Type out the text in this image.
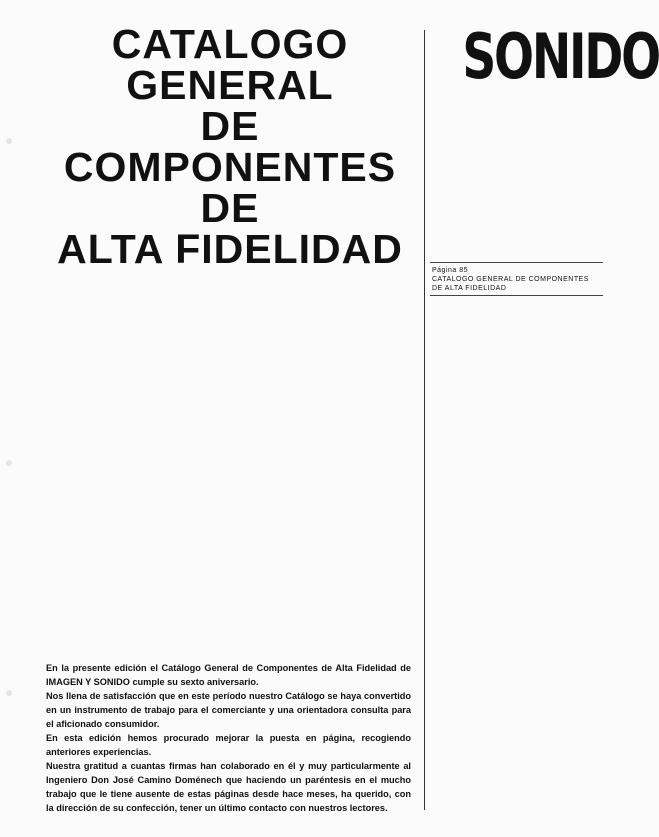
CATALOGO
GENERAL
DE
COMPONENTES
DE
ALTA FIDELIDAD
SONIDO
Página 85
CATALOGO GENERAL DE COMPONENTES
DE ALTA FIDELIDAD

En la presente edición el Catálogo General de Componentes de Alta Fidelidad de IMAGEN Y SONIDO cumple su sexto aniversario.

Nos llena de satisfacción que en este período nuestro Catálogo se haya convertido en un instrumento de trabajo para el comerciante y una orientadora consulta para el aficionado consumidor.

En esta edición hemos procurado mejorar la puesta en página, recogiendo anteriores experiencias.

Nuestra gratitud a cuantas firmas han colaborado en él y muy particularmente al Ingeniero Don José Camino Doménech que haciendo un paréntesis en el mucho trabajo que le tiene ausente de estas páginas desde hace meses, ha querido, con la dirección de su confección, tener un último contacto con nuestros lectores.
